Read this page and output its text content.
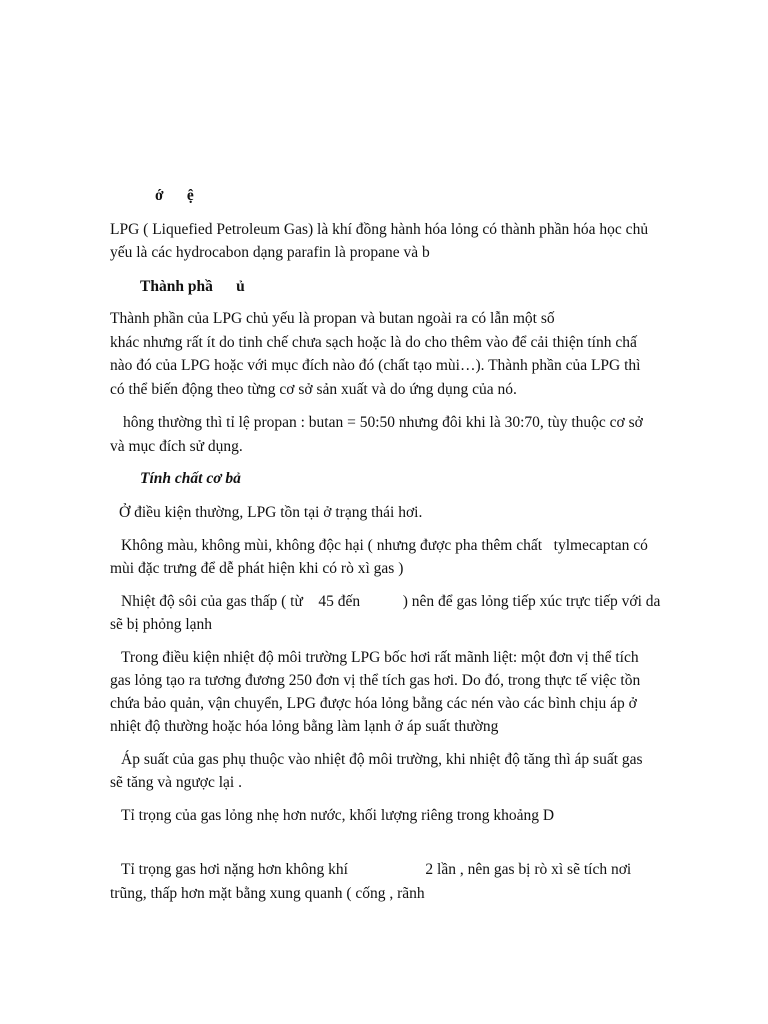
ớ      ệ

LPG ( Liquefied Petroleum Gas) là khí đồng hành hóa lỏng có thành phần hóa học chủ

yếu là các hydrocabon dạng parafin là propane và b

Thành phầ      ủ

Thành phần của LPG chủ yếu là propan và butan ngoài ra có lẫn một số

khác nhưng rất ít do tinh chế chưa sạch hoặc là do cho thêm vào để cải thiện tính chấ

nào đó của LPG hoặc với mục đích nào đó (chất tạo mùi…). Thành phần của LPG thì

có thể biến động theo từng cơ sở sản xuất và do ứng dụng của nó.

hông thường thì tỉ lệ propan : butan = 50:50 nhưng đôi khi là 30:70, tùy thuộc cơ sở

và mục đích sử dụng.

Tính chất cơ bả

Ở điều kiện thường, LPG tồn tại ở trạng thái hơi.

Không màu, không mùi, không độc hại ( nhưng được pha thêm chất   tylmecaptan có

mùi đặc trưng để dễ phát hiện khi có rò xì gas )

Nhiệt độ sôi của gas thấp ( từ    45 đến           ) nên để gas lỏng tiếp xúc trực tiếp với da

sẽ bị phỏng lạnh

Trong điều kiện nhiệt độ môi trường LPG bốc hơi rất mãnh liệt: một đơn vị thể tích

gas lỏng tạo ra tương đương 250 đơn vị thể tích gas hơi. Do đó, trong thực tế việc tồn

chứa bảo quản, vận chuyển, LPG được hóa lỏng bằng các nén vào các bình chịu áp ở

nhiệt độ thường hoặc hóa lỏng bằng làm lạnh ở áp suất thường

Áp suất của gas phụ thuộc vào nhiệt độ môi trường, khi nhiệt độ tăng thì áp suất gas

sẽ tăng và ngược lại .

Tỉ trọng của gas lỏng nhẹ hơn nước, khối lượng riêng trong khoảng D

Tỉ trọng gas hơi nặng hơn không khí                    2 lần , nên gas bị rò xì sẽ tích nơi

trũng, thấp hơn mặt bằng xung quanh ( cống , rãnh
